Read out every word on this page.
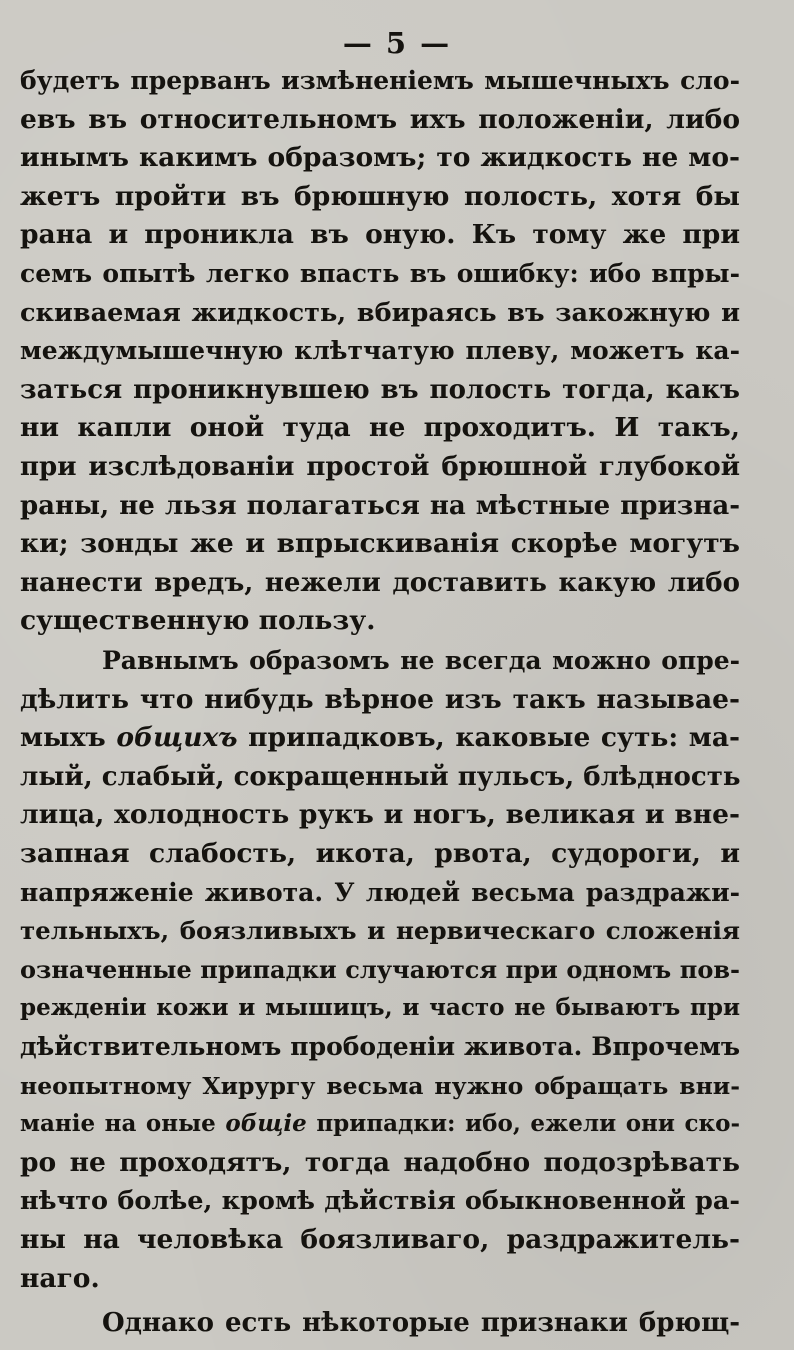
— 5 —
будетъ прерванъ измѣненіемъ мышечныхъ сло-
евъ въ относительномъ ихъ положеніи, либо
инымъ какимъ образомъ; то жидкость не мо-
жетъ пройти въ брюшную полость, хотя бы
рана и проникла въ оную. Къ тому же при
семъ опытѣ легко впасть въ ошибку: ибо впры-
скиваемая жидкость, вбираясь въ закожную и
междумышечную клѣтчатую плеву, можетъ ка-
заться проникнувшею въ полость тогда, какъ
ни капли оной туда не проходитъ. И такъ,
при изслѣдованіи простой брюшной глубокой
раны, не льзя полагаться на мѣстные призна-
ки; зонды же и впрыскиванія скорѣе могутъ
нанести вредъ, нежели доставить какую либо
существенную пользу.
Равнымъ образомъ не всегда можно опре-
дѣлить что нибудь вѣрное изъ такъ называе-
мыхъ общихъ припадковъ, каковые суть: ма-
лый, слабый, сокращенный пульсъ, блѣдность
лица, холодность рукъ и ногъ, великая и вне-
запная слабость, икота, рвота, судороги, и
напряженіе живота. У людей весьма раздражи-
тельныхъ, боязливыхъ и нервическаго сложенія
означенные припадки случаются при одномъ пов-
режденіи кожи и мышицъ, и часто не бываютъ при
дѣйствительномъ прободеніи живота. Впрочемъ
неопытному Хирургу весьма нужно обращать вни-
маніе на оные общіе припадки: ибо, ежели они ско-
ро не проходятъ, тогда надобно подозрѣвать
нѣчто болѣе, кромѣ дѣйствія обыкновенной ра-
ны на человѣка боязливаго, раздражитель-
наго.
Однако есть нѣкоторые признаки брющ-
